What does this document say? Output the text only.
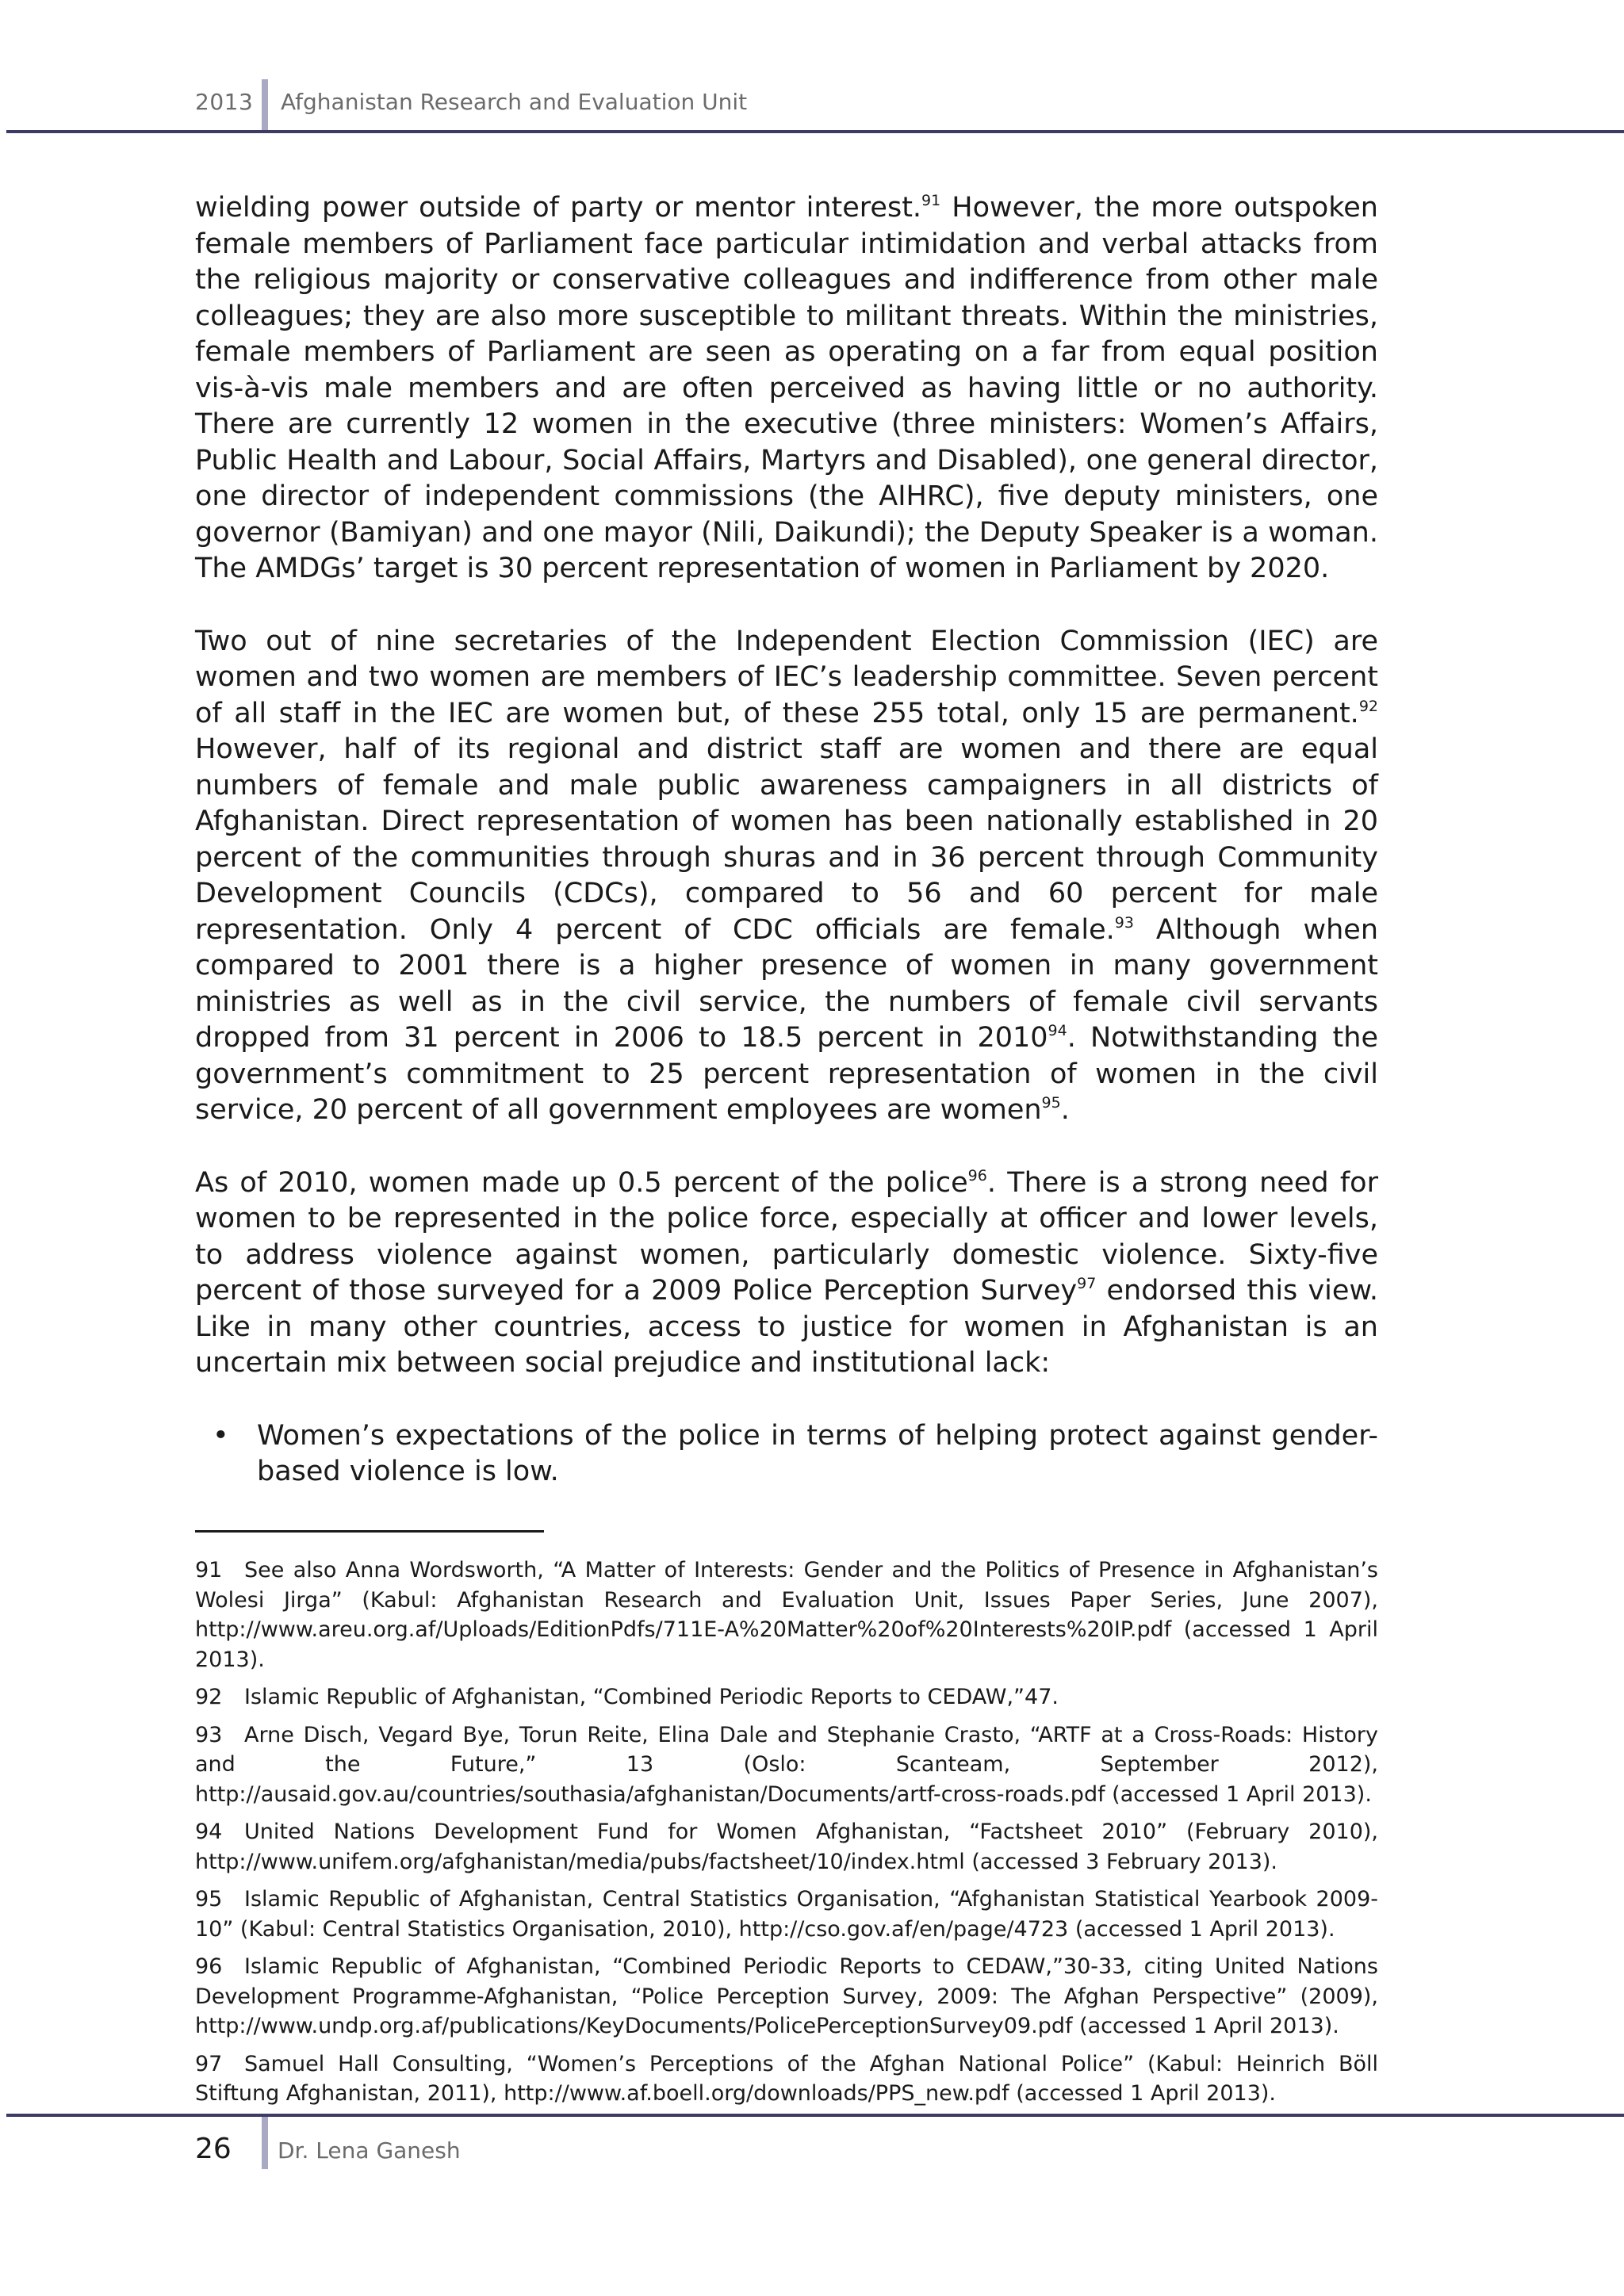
2013 Afghanistan Research and Evaluation Unit

wielding power outside of party or mentor interest.$^{91}$ However, the more outspoken female members of Parliament face particular intimidation and verbal attacks from the religious majority or conservative colleagues and indifference from other male colleagues; they are also more susceptible to militant threats. Within the ministries, female members of Parliament are seen as operating on a far from equal position vis-à-vis male members and are often perceived as having little or no authority. There are currently 12 women in the executive (three ministers: Women’s Affairs, Public Health and Labour, Social Affairs, Martyrs and Disabled), one general director, one director of independent commissions (the AIHRC), five deputy ministers, one governor (Bamiyan) and one mayor (Nili, Daikundi); the Deputy Speaker is a woman. The AMDGs’ target is 30 percent representation of women in Parliament by 2020.

Two out of nine secretaries of the Independent Election Commission (IEC) are women and two women are members of IEC’s leadership committee. Seven percent of all staff in the IEC are women but, of these 255 total, only 15 are permanent.$^{92}$ However, half of its regional and district staff are women and there are equal numbers of female and male public awareness campaigners in all districts of Afghanistan. Direct representation of women has been nationally established in 20 percent of the communities through shuras and in 36 percent through Community Development Councils (CDCs), compared to 56 and 60 percent for male representation. Only 4 percent of CDC officials are female.$^{93}$ Although when compared to 2001 there is a higher presence of women in many government ministries as well as in the civil service, the numbers of female civil servants dropped from 31 percent in 2006 to 18.5 percent in 2010$^{94}$. Notwithstanding the government’s commitment to 25 percent representation of women in the civil service, 20 percent of all government employees are women$^{95}$.

As of 2010, women made up 0.5 percent of the police$^{96}$. There is a strong need for women to be represented in the police force, especially at officer and lower levels, to address violence against women, particularly domestic violence. Sixty-five percent of those surveyed for a 2009 Police Perception Survey$^{97}$ endorsed this view. Like in many other countries, access to justice for women in Afghanistan is an uncertain mix between social prejudice and institutional lack:

• Women’s expectations of the police in terms of helping protect against gender-based violence is low.

91 See also Anna Wordsworth, “A Matter of Interests: Gender and the Politics of Presence in Afghanistan’s Wolesi Jirga” (Kabul: Afghanistan Research and Evaluation Unit, Issues Paper Series, June 2007), http://www.areu.org.af/Uploads/EditionPdfs/711E-A%20Matter%20of%20Interests%20IP.pdf (accessed 1 April 2013).

92 Islamic Republic of Afghanistan, “Combined Periodic Reports to CEDAW,”47.

93 Arne Disch, Vegard Bye, Torun Reite, Elina Dale and Stephanie Crasto, “ARTF at a Cross-Roads: History and the Future,” 13 (Oslo: Scanteam, September 2012), http://ausaid.gov.au/countries/southasia/afghanistan/Documents/artf-cross-roads.pdf (accessed 1 April 2013).

94 United Nations Development Fund for Women Afghanistan, “Factsheet 2010” (February 2010), http://www.unifem.org/afghanistan/media/pubs/factsheet/10/index.html (accessed 3 February 2013).

95 Islamic Republic of Afghanistan, Central Statistics Organisation, “Afghanistan Statistical Yearbook 2009-10” (Kabul: Central Statistics Organisation, 2010), http://cso.gov.af/en/page/4723 (accessed 1 April 2013).

96 Islamic Republic of Afghanistan, “Combined Periodic Reports to CEDAW,”30-33, citing United Nations Development Programme-Afghanistan, “Police Perception Survey, 2009: The Afghan Perspective” (2009), http://www.undp.org.af/publications/KeyDocuments/PolicePerceptionSurvey09.pdf (accessed 1 April 2013).

97 Samuel Hall Consulting, “Women’s Perceptions of the Afghan National Police” (Kabul: Heinrich Böll Stiftung Afghanistan, 2011), http://www.af.boell.org/downloads/PPS_new.pdf (accessed 1 April 2013).

26 Dr. Lena Ganesh
